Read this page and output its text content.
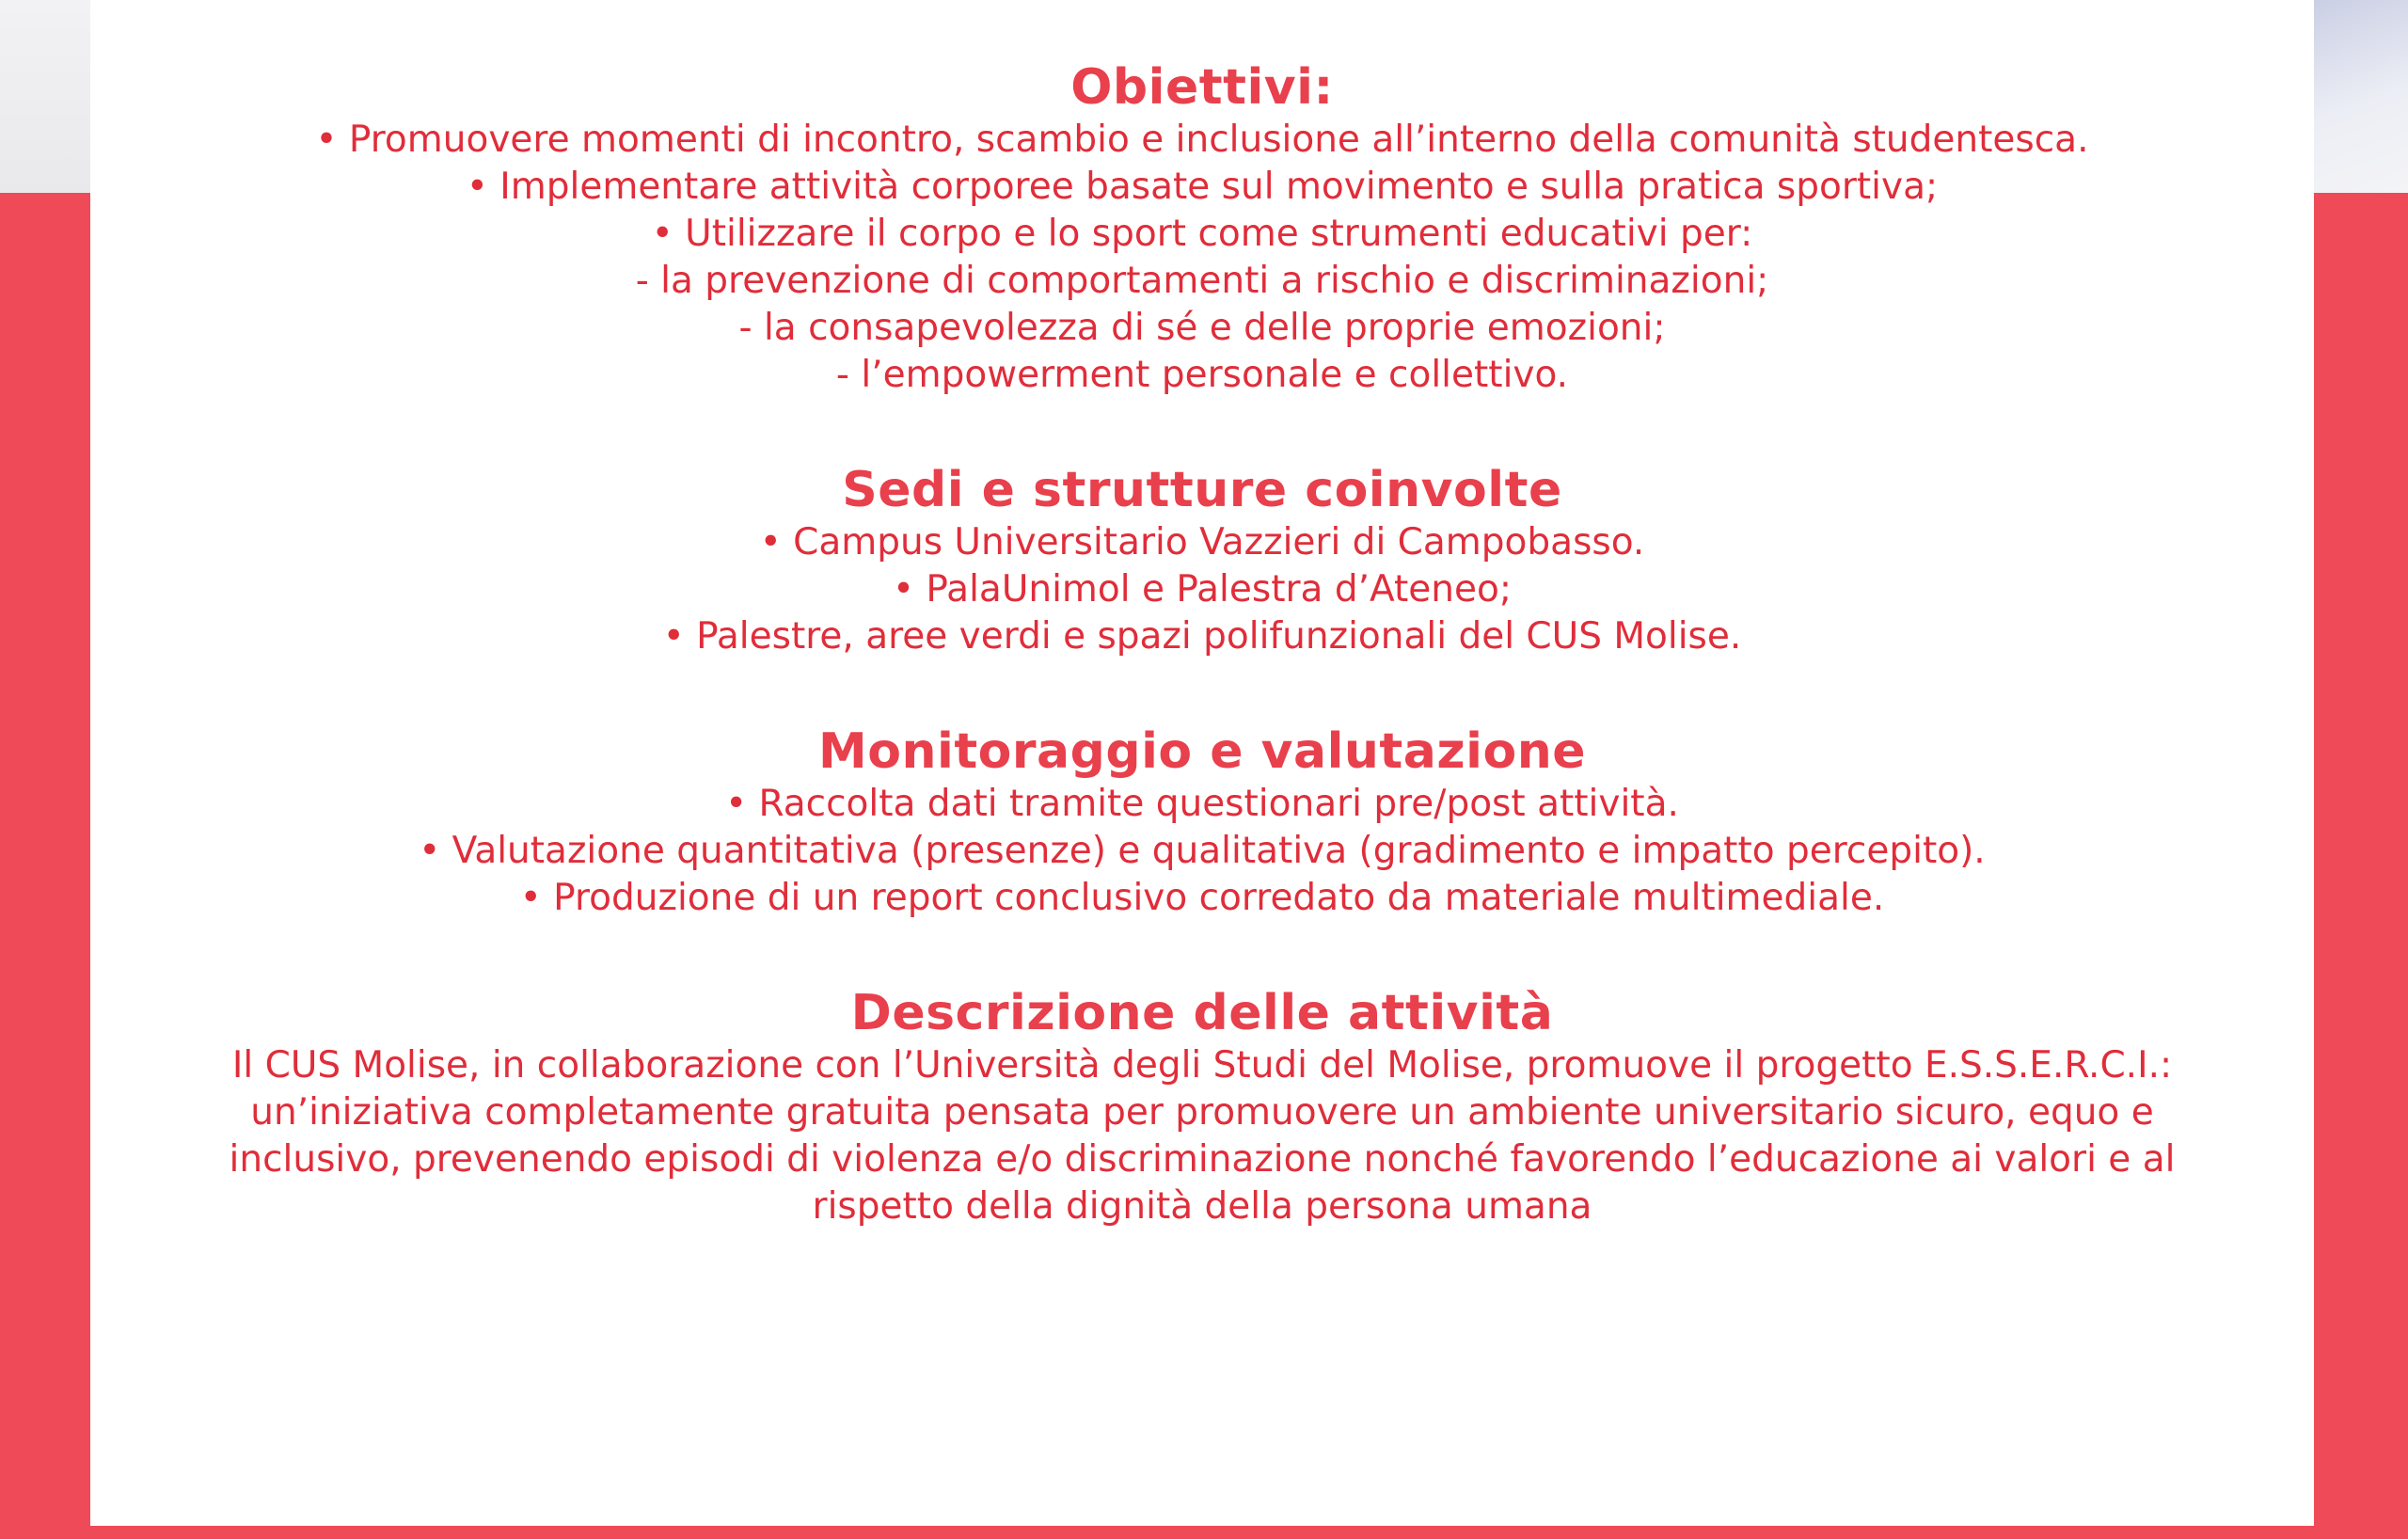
Obiettivi:

• Promuovere momenti di incontro, scambio e inclusione all’interno della comunità studentesca.

• Implementare attività corporee basate sul movimento e sulla pratica sportiva;

• Utilizzare il corpo e lo sport come strumenti educativi per:

- la prevenzione di comportamenti a rischio e discriminazioni;

- la consapevolezza di sé e delle proprie emozioni;

- l’empowerment personale e collettivo.

Sedi e strutture coinvolte

• Campus Universitario Vazzieri di Campobasso.

• PalaUnimol e Palestra d’Ateneo;

• Palestre, aree verdi e spazi polifunzionali del CUS Molise.

Monitoraggio e valutazione

• Raccolta dati tramite questionari pre/post attività.

• Valutazione quantitativa (presenze) e qualitativa (gradimento e impatto percepito).

• Produzione di un report conclusivo corredato da materiale multimediale.

Descrizione delle attività

Il CUS Molise, in collaborazione con l’Università degli Studi del Molise, promuove il progetto E.S.S.E.R.C.I.:

un’iniziativa completamente gratuita pensata per promuovere un ambiente universitario sicuro, equo e

inclusivo, prevenendo episodi di violenza e/o discriminazione nonché favorendo l’educazione ai valori e al

rispetto della dignità della persona umana
